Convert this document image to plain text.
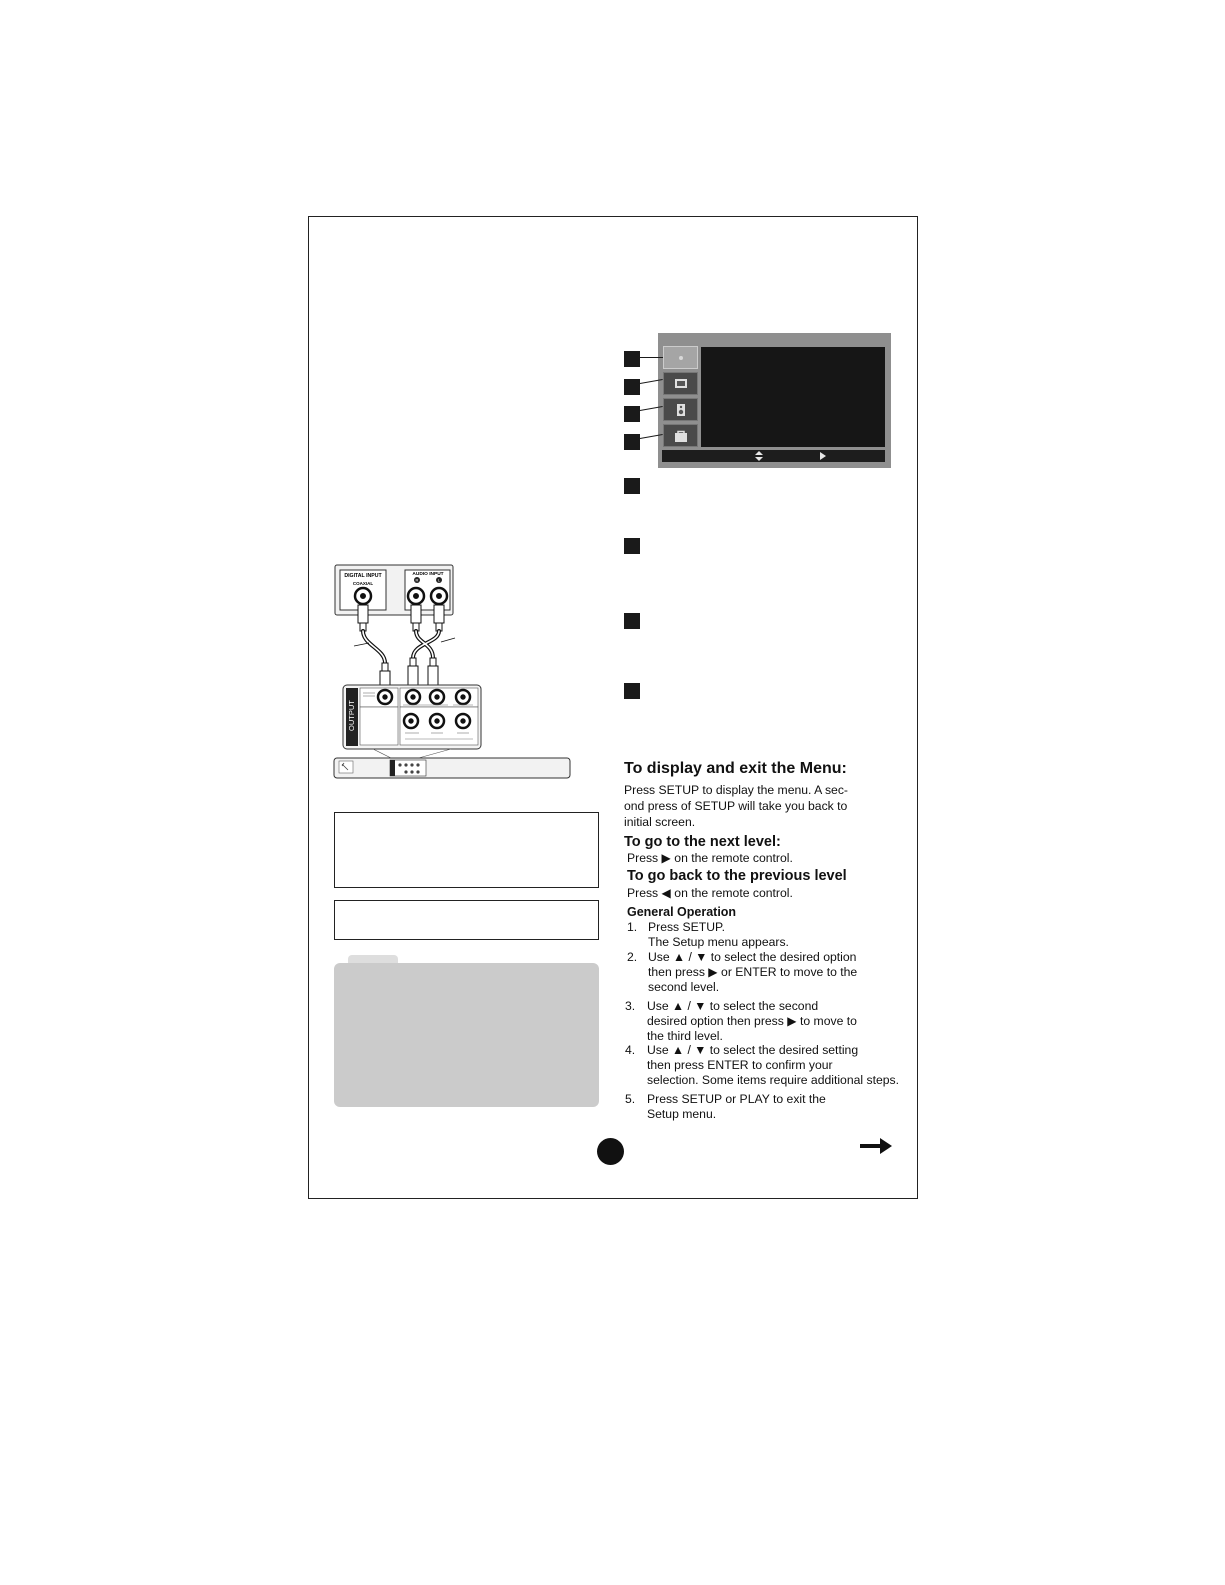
DIGITAL INPUT
COAXIAL
AUDIO INPUT
R	L
OUTPUT
To display and exit the Menu:
Press SETUP to display the menu. A sec-
ond press of SETUP will take you back to
initial screen.
To go to the next level:
Press ▶ on the remote control.
To go back to the previous level
Press ◀ on the remote control.
General Operation
1. Press SETUP.
The Setup menu appears.
2. Use ▲ / ▼ to select the desired option
then press ▶ or ENTER to move to the
second level.
3. Use ▲ / ▼ to select the second
desired option then press ▶ to move to
the third level.
4. Use ▲ / ▼ to select the desired setting
then press ENTER to confirm your
selection. Some items require additional steps.
5. Press SETUP or PLAY to exit the
Setup menu.
